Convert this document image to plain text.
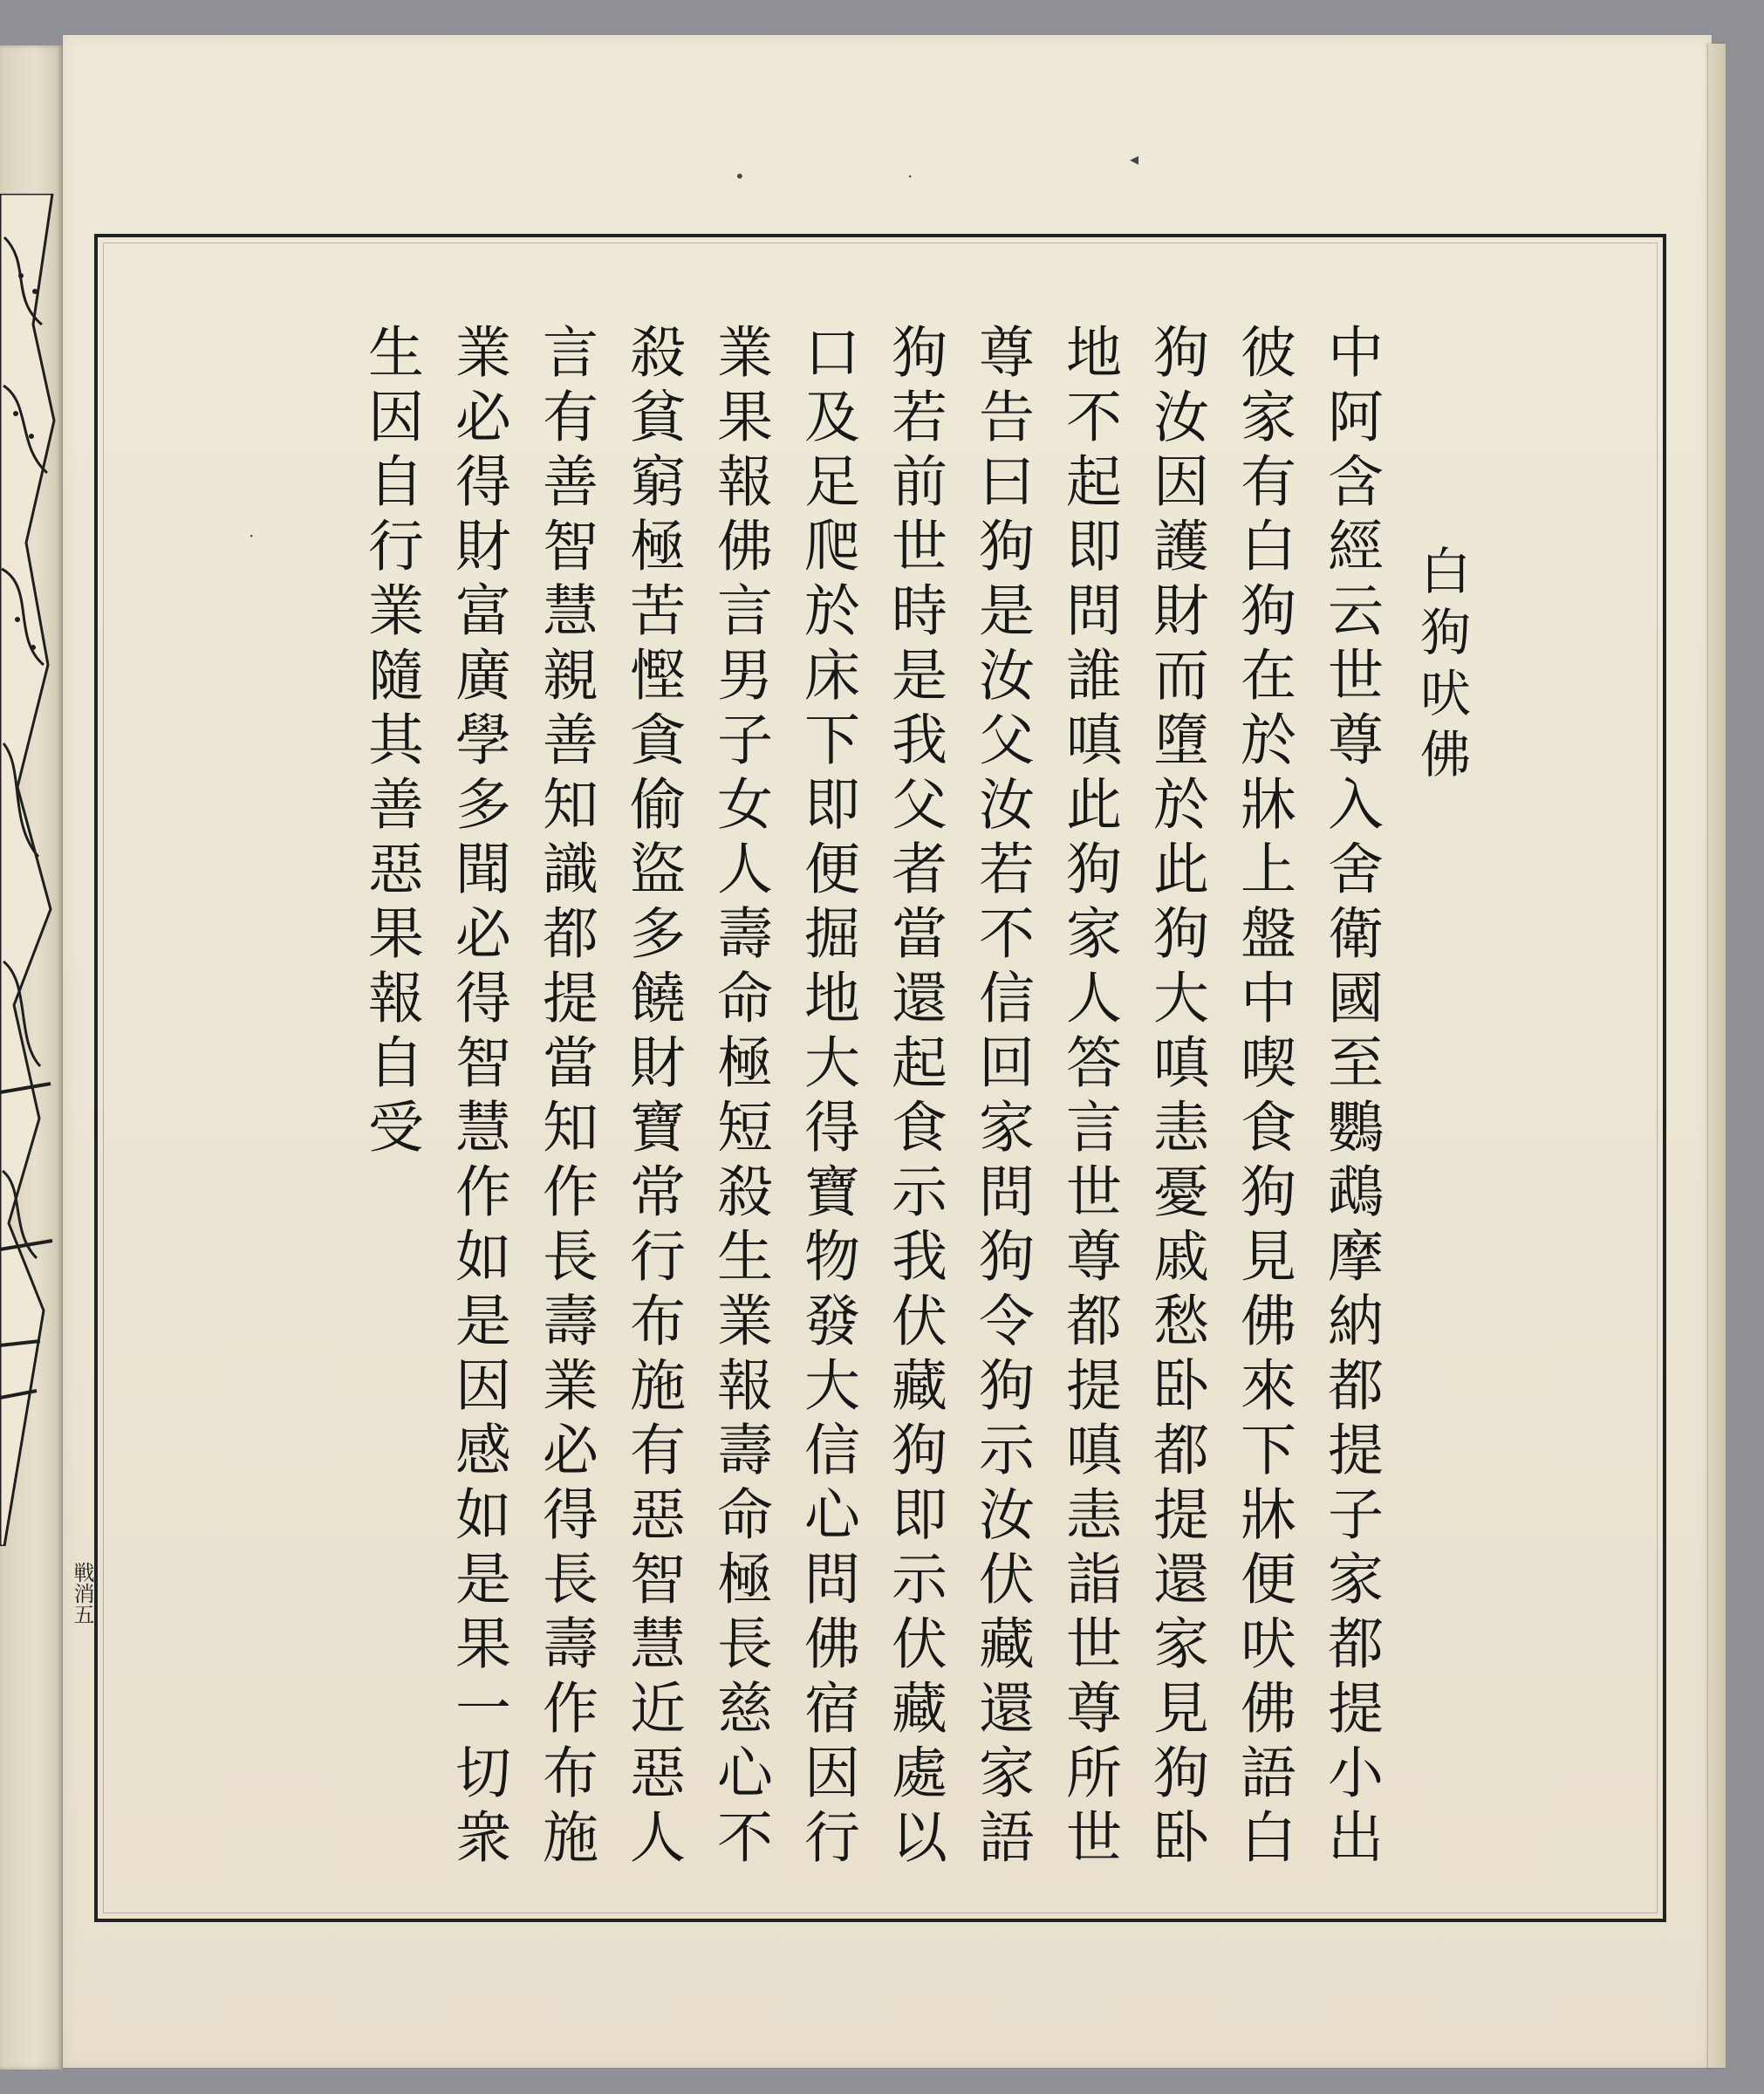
•	·
◂
·
戦消五
白狗吠佛
中阿含經云世尊入舍衛國至鸚鵡摩納都提子家都提小出
彼家有白狗在於牀上盤中喫食狗見佛來下牀便吠佛語白
狗汝因護財而墮於此狗大嗔恚憂戚愁卧都提還家見狗卧
地不起即問誰嗔此狗家人答言世尊都提嗔恚詣世尊所世
尊告曰狗是汝父汝若不信回家問狗令狗示汝伏藏還家語
狗若前世時是我父者當還起食示我伏藏狗即示伏藏處以
口及足爬於床下即便掘地大得寶物發大信心問佛宿因行
業果報佛言男子女人壽命極短殺生業報壽命極長慈心不
殺貧窮極苦慳貪偷盜多饒財寶常行布施有惡智慧近惡人
言有善智慧親善知識都提當知作長壽業必得長壽作布施
業必得財富廣學多聞必得智慧作如是因感如是果一切衆
生因自行業隨其善惡果報自受
